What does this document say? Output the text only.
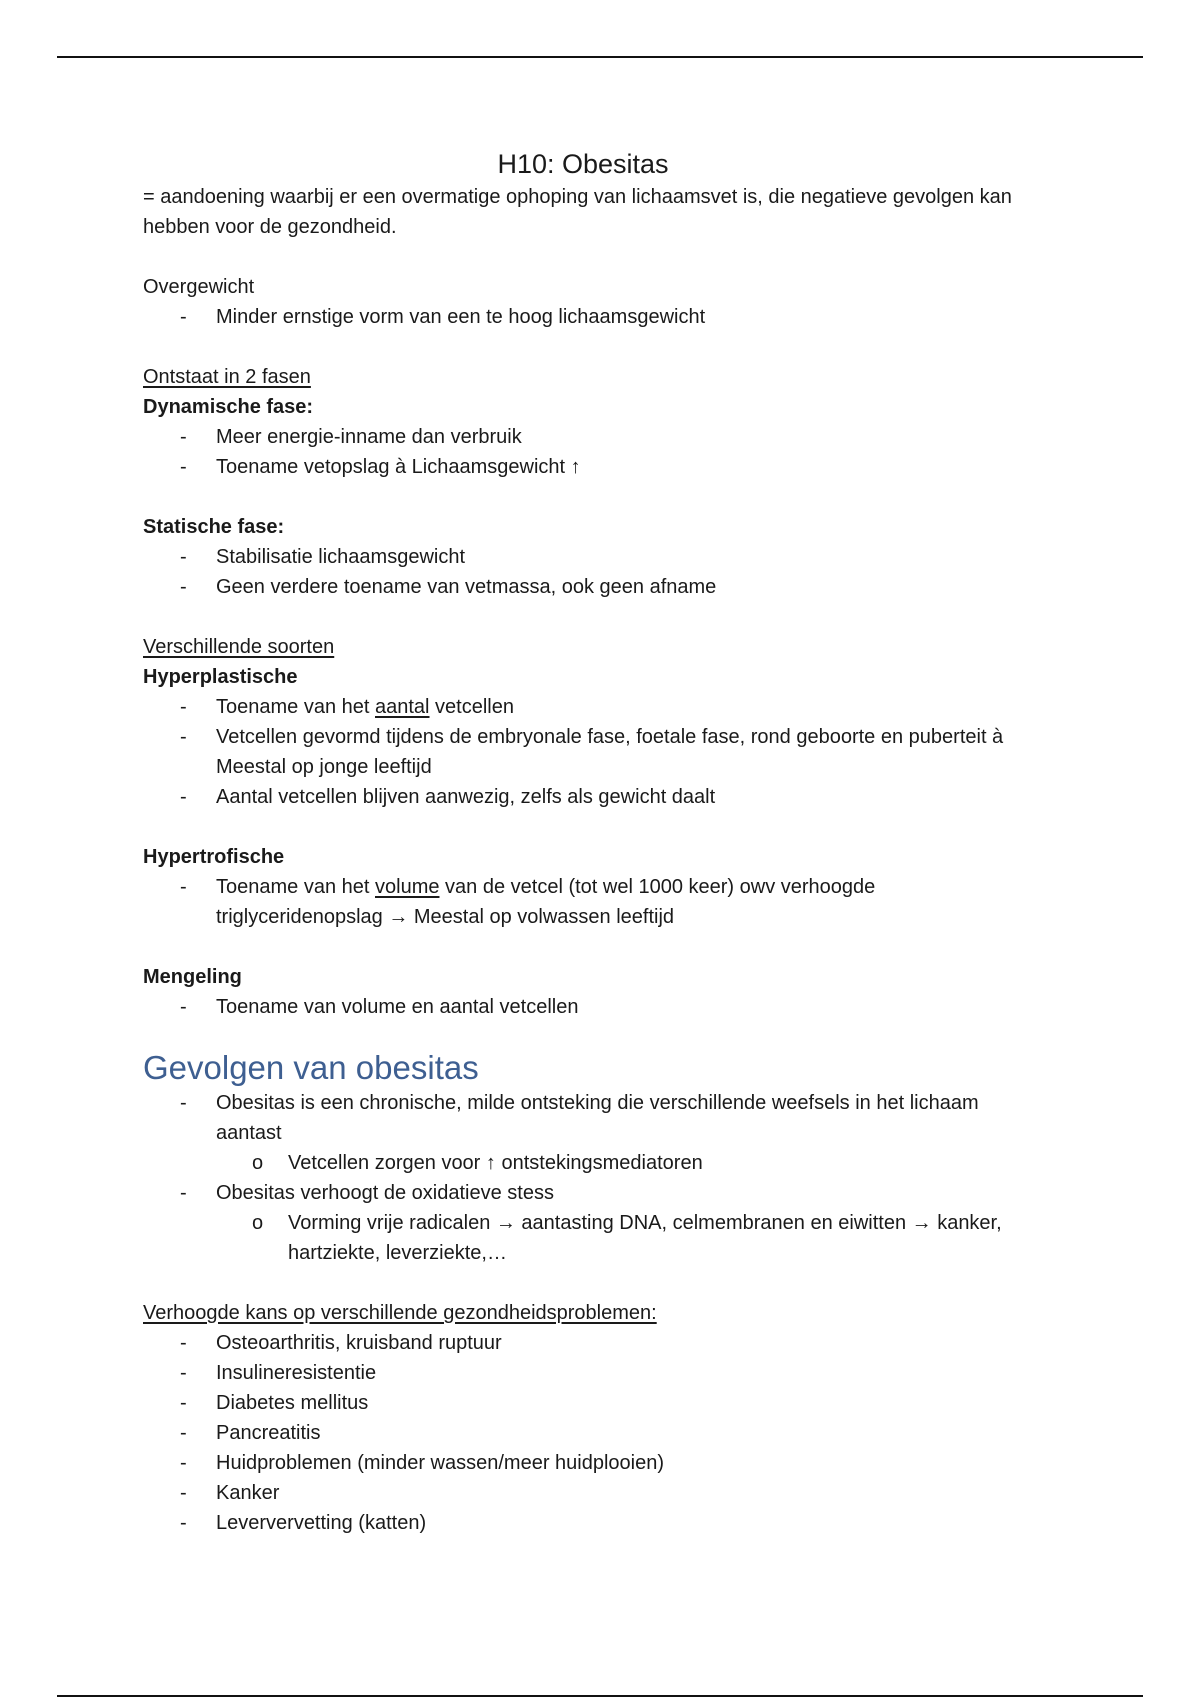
H10: Obesitas

= aandoening waarbij er een overmatige ophoping van lichaamsvet is, die negatieve gevolgen kan hebben voor de gezondheid.

Overgewicht

- Minder ernstige vorm van een te hoog lichaamsgewicht

Ontstaat in 2 fasen

Dynamische fase:

- Meer energie-inname dan verbruik
- Toename vetopslag à Lichaamsgewicht ↑

Statische fase:

- Stabilisatie lichaamsgewicht
- Geen verdere toename van vetmassa, ook geen afname

Verschillende soorten

Hyperplastische

- Toename van het aantal vetcellen
- Vetcellen gevormd tijdens de embryonale fase, foetale fase, rond geboorte en puberteit à Meestal op jonge leeftijd
- Aantal vetcellen blijven aanwezig, zelfs als gewicht daalt

Hypertrofische

- Toename van het volume van de vetcel (tot wel 1000 keer) owv verhoogde triglyceridenopslag → Meestal op volwassen leeftijd

Mengeling

- Toename van volume en aantal vetcellen
Gevolgen van obesitas
- Obesitas is een chronische, milde ontsteking die verschillende weefsels in het lichaam aantast
o Vetcellen zorgen voor ↑ ontstekingsmediatoren
- Obesitas verhoogt de oxidatieve stess
o Vorming vrije radicalen → aantasting DNA, celmembranen en eiwitten → kanker, hartziekte, leverziekte,…

Verhoogde kans op verschillende gezondheidsproblemen:

- Osteoarthritis, kruisband ruptuur
- Insulineresistentie
- Diabetes mellitus
- Pancreatitis
- Huidproblemen (minder wassen/meer huidplooien)
- Kanker
- Leververvetting (katten)
